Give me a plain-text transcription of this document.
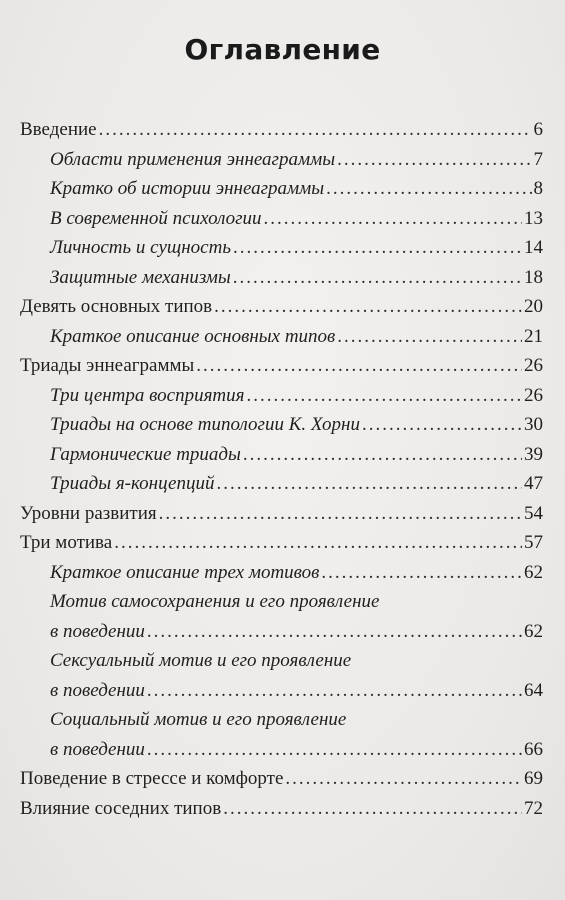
Оглавление
Введение .....	6
Области применения эннеаграммы .....	7
Кратко об истории эннеаграммы .....	8
В современной психологии .....	13
Личность и сущность .....	14
Защитные механизмы .....	18
Девять основных типов .....	20
Краткое описание основных типов .....	21
Триады эннеаграммы .....	26
Три центра восприятия .....	26
Триады на основе типологии К. Хорни .....	30
Гармонические триады .....	39
Триады я-концепций .....	47
Уровни развития .....	54
Три мотива .....	57
Краткое описание трех мотивов .....	62
Мотив самосохранения и его проявление
в поведении .....	62
Сексуальный мотив и его проявление
в поведении .....	64
Социальный мотив и его проявление
в поведении .....	66
Поведение в стрессе и комфорте .....	69
Влияние соседних типов .....	72
